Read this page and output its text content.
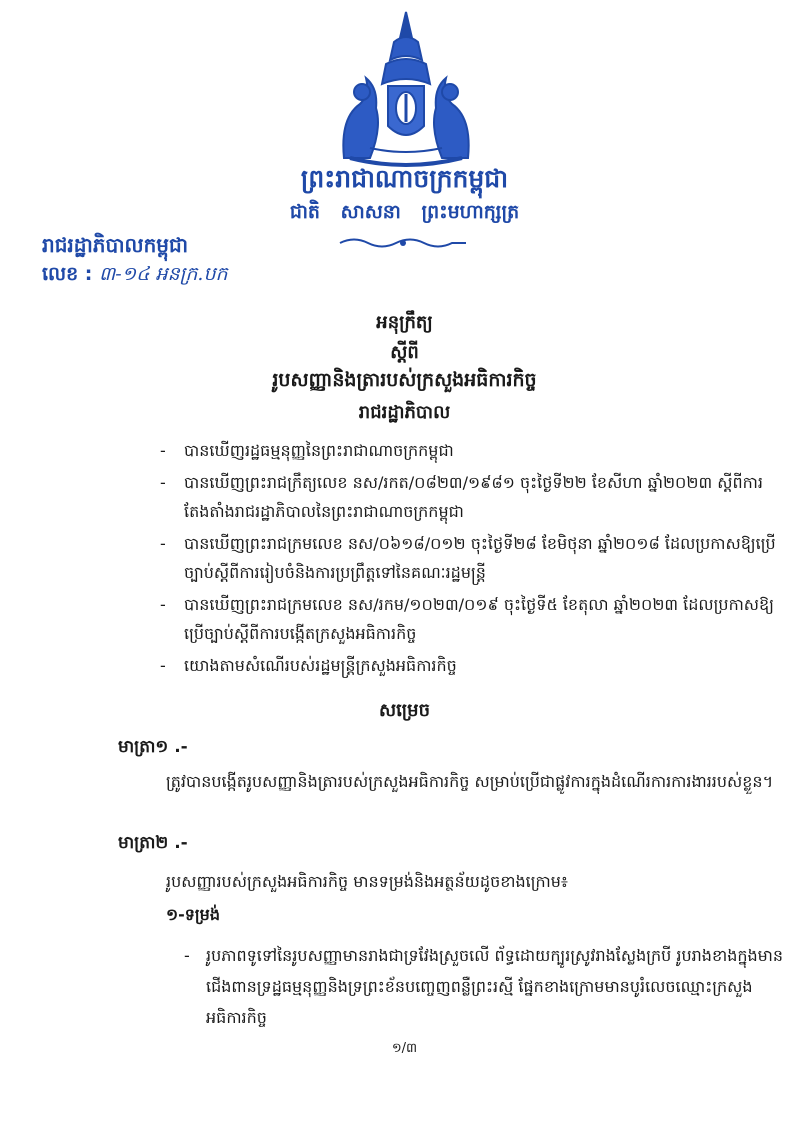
ព្រះរាជាណាចក្រកម្ពុជា
ជាតិ សាសនា ព្រះមហាក្សត្រ
រាជរដ្ឋាភិបាលកម្ពុជា
លេខ : ៣-១៤ អនក្រ.បក
អនុក្រឹត្យ
ស្ដីពី
រូបសញ្ញានិងត្រារបស់ក្រសួងអធិការកិច្ច
រាជរដ្ឋាភិបាល
- បានឃើញរដ្ឋធម្មនុញ្ញនៃព្រះរាជាណាចក្រកម្ពុជា
- បានឃើញព្រះរាជក្រឹត្យលេខ នស/រកត/០៨២៣/១៩៨១ ចុះថ្ងៃទី២២ ខែសីហា ឆ្នាំ២០២៣ ស្តីពីការតែងតាំងរាជរដ្ឋាភិបាលនៃព្រះរាជាណាចក្រកម្ពុជា
- បានឃើញព្រះរាជក្រមលេខ នស/០៦១៨/០១២ ចុះថ្ងៃទី២៨ ខែមិថុនា ឆ្នាំ២០១៨ ដែលប្រកាសឱ្យប្រើច្បាប់ស្ដីពីការរៀបចំនិងការប្រព្រឹត្តទៅនៃគណៈរដ្ឋមន្ត្រី
- បានឃើញព្រះរាជក្រមលេខ នស/រកម/១០២៣/០១៩ ចុះថ្ងៃទី៥ ខែតុលា ឆ្នាំ២០២៣ ដែលប្រកាសឱ្យប្រើច្បាប់ស្ដីពីការបង្កើតក្រសួងអធិការកិច្ច
- យោងតាមសំណើរបស់រដ្ឋមន្ត្រីក្រសួងអធិការកិច្ច
សម្រេច
មាត្រា១ .-
ត្រូវបានបង្កើតរូបសញ្ញានិងត្រារបស់ក្រសួងអធិការកិច្ច សម្រាប់ប្រើជាផ្លូវការក្នុងដំណើរការការងាររបស់ខ្លួន។
មាត្រា២ .-
រូបសញ្ញារបស់ក្រសួងអធិការកិច្ច មានទម្រង់និងអត្ថន័យដូចខាងក្រោម៖
១-ទម្រង់
-	រូបភាពទូទៅនៃរូបសញ្ញាមានរាងជាទ្រវែងស្រួចលើ ព័ទ្ធដោយក្បូរស្រូវរាងស្លែងក្របី រូបរាងខាងក្នុងមានជើងពានទ្រដ្ឋធម្មនុញ្ញនិងទ្រព្រះខ័នបញ្ចេញពន្លឺព្រះរស្មី ផ្នែកខាងក្រោមមានបូរំលេចឈ្មោះក្រសួងអធិការកិច្ច
១/៣
